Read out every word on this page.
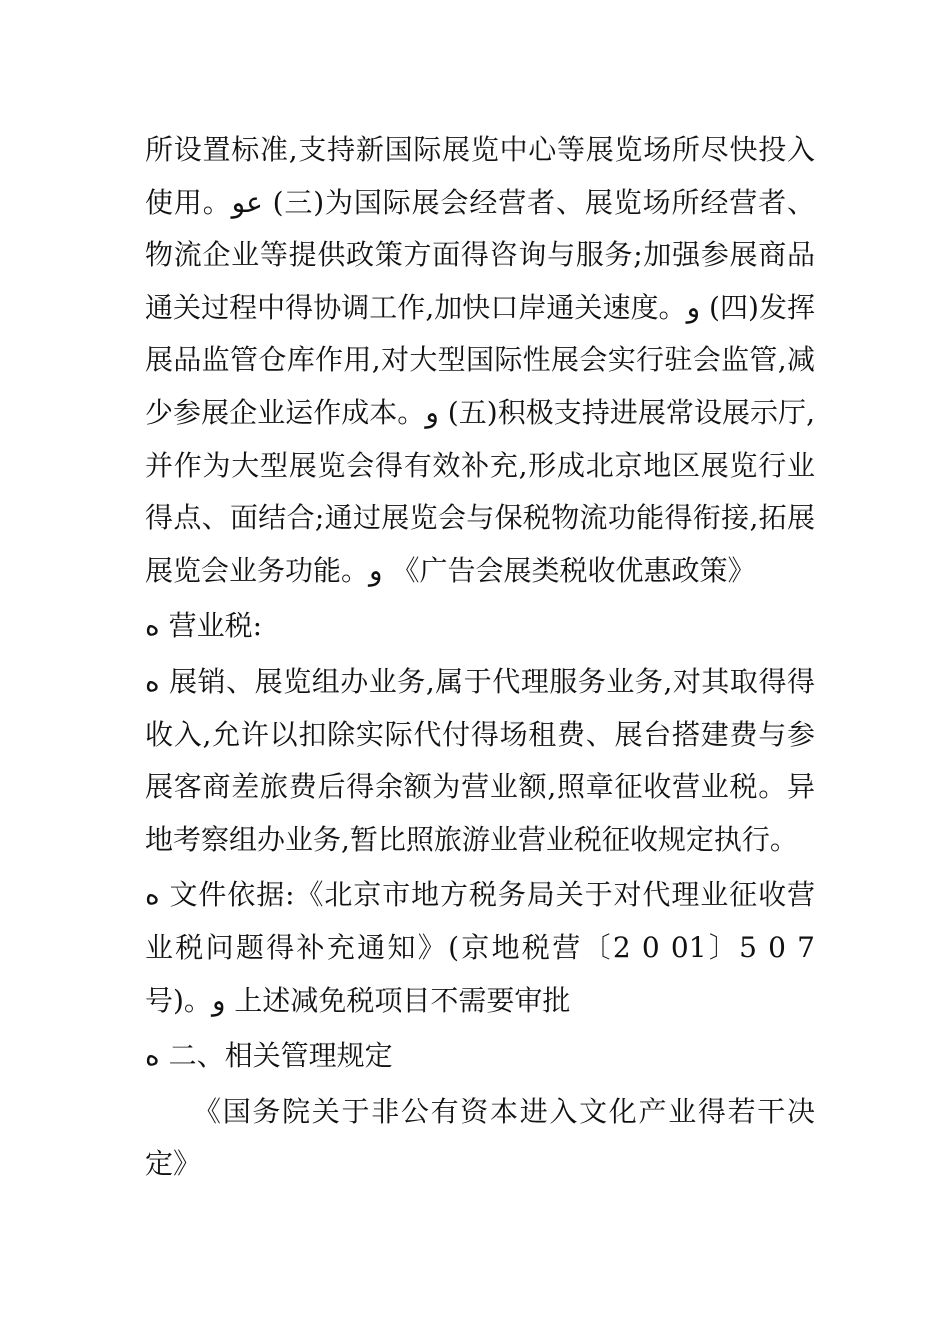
所设置标准,支持新国际展览中心等展览场所尽快投入使用。ﻋﻮ (三)为国际展会经营者、展览场所经营者、物流企业等提供政策方面得咨询与服务;加强参展商品通关过程中得协调工作,加快口岸通关速度。ﻭ (四)发挥展品监管仓库作用,对大型国际性展会实行驻会监管,减少参展企业运作成本。ﻭ (五)积极支持进展常设展示厅,并作为大型展览会得有效补充,形成北京地区展览行业得点、面结合;通过展览会与保税物流功能得衔接,拓展展览会业务功能。ﻭ 《广告会展类税收优惠政策》

ﻩ 营业税:

ﻩ 展销、展览组办业务,属于代理服务业务,对其取得得收入,允许以扣除实际代付得场租费、展台搭建费与参展客商差旅费后得余额为营业额,照章征收营业税。异地考察组办业务,暂比照旅游业营业税征收规定执行。

ﻩ 文件依据:《北京市地方税务局关于对代理业征收营业税问题得补充通知》(京地税营〔2 0 01〕5 0 7号)。ﻭ 上述减免税项目不需要审批

ﻩ 二、相关管理规定

《国务院关于非公有资本进入文化产业得若干决定》
